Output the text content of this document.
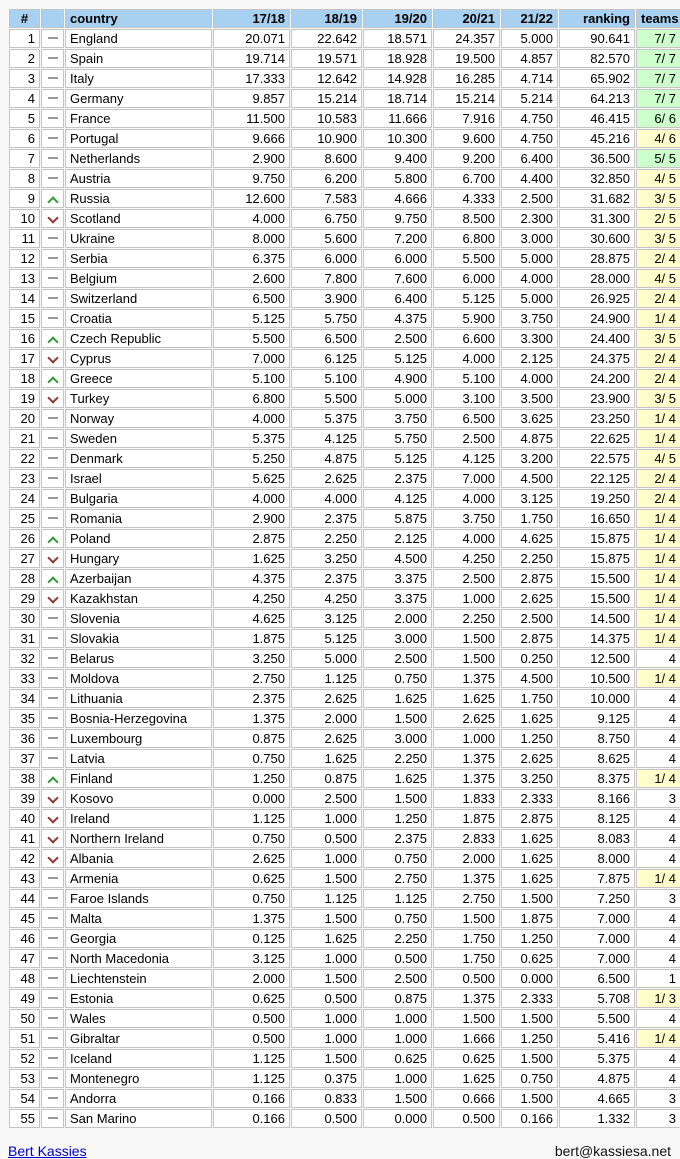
#		country	17/18	18/19	19/20	20/21	21/22	ranking	teams
1		England	20.071	22.642	18.571	24.357	5.000	90.641	7/ 7
2		Spain	19.714	19.571	18.928	19.500	4.857	82.570	7/ 7
3		Italy	17.333	12.642	14.928	16.285	4.714	65.902	7/ 7
4		Germany	9.857	15.214	18.714	15.214	5.214	64.213	7/ 7
5		France	11.500	10.583	11.666	7.916	4.750	46.415	6/ 6
6		Portugal	9.666	10.900	10.300	9.600	4.750	45.216	4/ 6
7		Netherlands	2.900	8.600	9.400	9.200	6.400	36.500	5/ 5
8		Austria	9.750	6.200	5.800	6.700	4.400	32.850	4/ 5
9		Russia	12.600	7.583	4.666	4.333	2.500	31.682	3/ 5
10		Scotland	4.000	6.750	9.750	8.500	2.300	31.300	2/ 5
11		Ukraine	8.000	5.600	7.200	6.800	3.000	30.600	3/ 5
12		Serbia	6.375	6.000	6.000	5.500	5.000	28.875	2/ 4
13		Belgium	2.600	7.800	7.600	6.000	4.000	28.000	4/ 5
14		Switzerland	6.500	3.900	6.400	5.125	5.000	26.925	2/ 4
15		Croatia	5.125	5.750	4.375	5.900	3.750	24.900	1/ 4
16		Czech Republic	5.500	6.500	2.500	6.600	3.300	24.400	3/ 5
17		Cyprus	7.000	6.125	5.125	4.000	2.125	24.375	2/ 4
18		Greece	5.100	5.100	4.900	5.100	4.000	24.200	2/ 4
19		Turkey	6.800	5.500	5.000	3.100	3.500	23.900	3/ 5
20		Norway	4.000	5.375	3.750	6.500	3.625	23.250	1/ 4
21		Sweden	5.375	4.125	5.750	2.500	4.875	22.625	1/ 4
22		Denmark	5.250	4.875	5.125	4.125	3.200	22.575	4/ 5
23		Israel	5.625	2.625	2.375	7.000	4.500	22.125	2/ 4
24		Bulgaria	4.000	4.000	4.125	4.000	3.125	19.250	2/ 4
25		Romania	2.900	2.375	5.875	3.750	1.750	16.650	1/ 4
26		Poland	2.875	2.250	2.125	4.000	4.625	15.875	1/ 4
27		Hungary	1.625	3.250	4.500	4.250	2.250	15.875	1/ 4
28		Azerbaijan	4.375	2.375	3.375	2.500	2.875	15.500	1/ 4
29		Kazakhstan	4.250	4.250	3.375	1.000	2.625	15.500	1/ 4
30		Slovenia	4.625	3.125	2.000	2.250	2.500	14.500	1/ 4
31		Slovakia	1.875	5.125	3.000	1.500	2.875	14.375	1/ 4
32		Belarus	3.250	5.000	2.500	1.500	0.250	12.500	4
33		Moldova	2.750	1.125	0.750	1.375	4.500	10.500	1/ 4
34		Lithuania	2.375	2.625	1.625	1.625	1.750	10.000	4
35		Bosnia-Herzegovina	1.375	2.000	1.500	2.625	1.625	9.125	4
36		Luxembourg	0.875	2.625	3.000	1.000	1.250	8.750	4
37		Latvia	0.750	1.625	2.250	1.375	2.625	8.625	4
38		Finland	1.250	0.875	1.625	1.375	3.250	8.375	1/ 4
39		Kosovo	0.000	2.500	1.500	1.833	2.333	8.166	3
40		Ireland	1.125	1.000	1.250	1.875	2.875	8.125	4
41		Northern Ireland	0.750	0.500	2.375	2.833	1.625	8.083	4
42		Albania	2.625	1.000	0.750	2.000	1.625	8.000	4
43		Armenia	0.625	1.500	2.750	1.375	1.625	7.875	1/ 4
44		Faroe Islands	0.750	1.125	1.125	2.750	1.500	7.250	3
45		Malta	1.375	1.500	0.750	1.500	1.875	7.000	4
46		Georgia	0.125	1.625	2.250	1.750	1.250	7.000	4
47		North Macedonia	3.125	1.000	0.500	1.750	0.625	7.000	4
48		Liechtenstein	2.000	1.500	2.500	0.500	0.000	6.500	1
49		Estonia	0.625	0.500	0.875	1.375	2.333	5.708	1/ 3
50		Wales	0.500	1.000	1.000	1.500	1.500	5.500	4
51		Gibraltar	0.500	1.000	1.000	1.666	1.250	5.416	1/ 4
52		Iceland	1.125	1.500	0.625	0.625	1.500	5.375	4
53		Montenegro	1.125	0.375	1.000	1.625	0.750	4.875	4
54		Andorra	0.166	0.833	1.500	0.666	1.500	4.665	3
55		San Marino	0.166	0.500	0.000	0.500	0.166	1.332	3
Bert Kassies	bert@kassiesa.net
